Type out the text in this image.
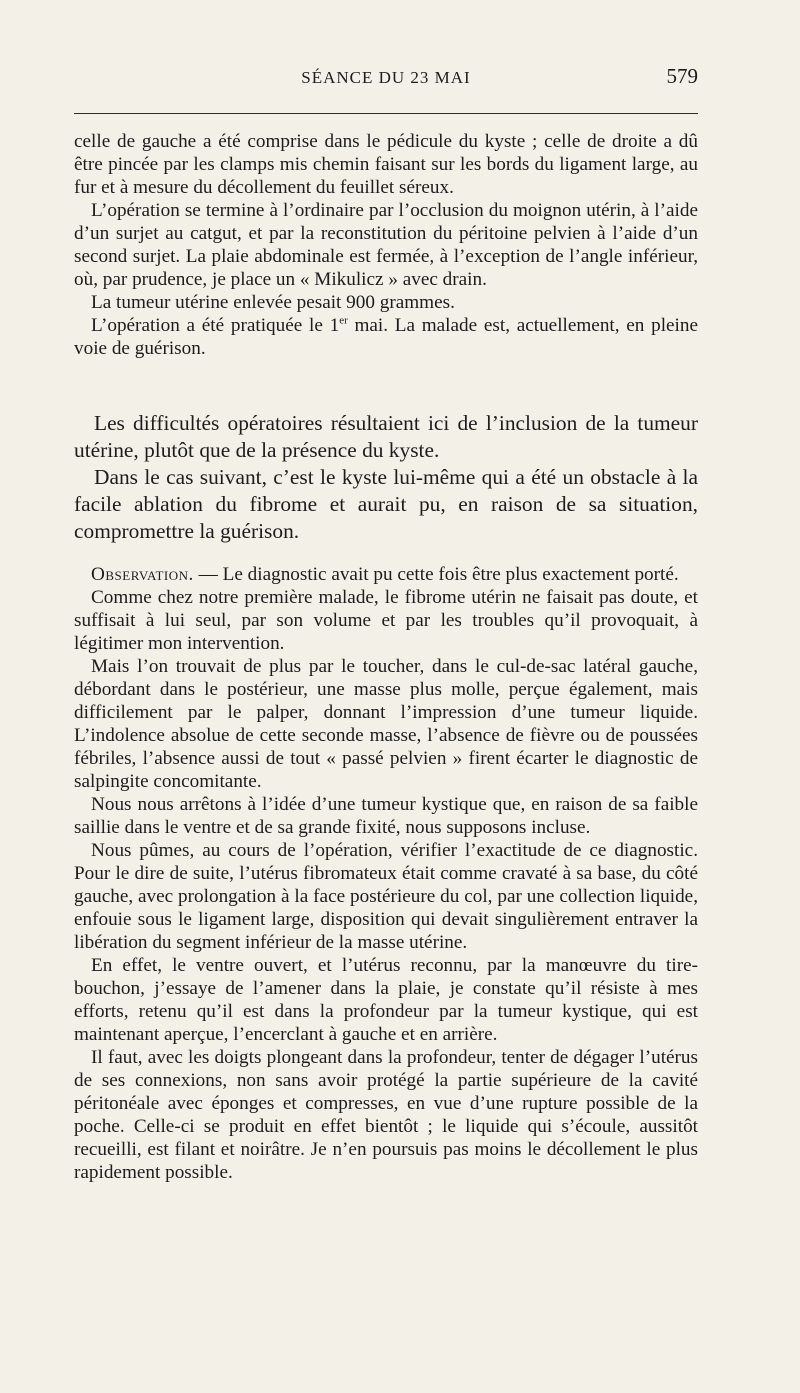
SÉANCE DU 23 MAI	579

celle de gauche a été comprise dans le pédicule du kyste ; celle de droite a dû être pincée par les clamps mis chemin faisant sur les bords du ligament large, au fur et à mesure du décollement du feuillet séreux.

L’opération se termine à l’ordinaire par l’occlusion du moignon utérin, à l’aide d’un surjet au catgut, et par la reconstitution du péritoine pelvien à l’aide d’un second surjet. La plaie abdominale est fermée, à l’exception de l’angle inférieur, où, par prudence, je place un « Mikulicz » avec drain.

La tumeur utérine enlevée pesait 900 grammes.

L’opération a été pratiquée le 1er mai. La malade est, actuellement, en pleine voie de guérison.

Les difficultés opératoires résultaient ici de l’inclusion de la tumeur utérine, plutôt que de la présence du kyste.

Dans le cas suivant, c’est le kyste lui-même qui a été un obstacle à la facile ablation du fibrome et aurait pu, en raison de sa situation, compromettre la guérison.

Observation. — Le diagnostic avait pu cette fois être plus exactement porté.

Comme chez notre première malade, le fibrome utérin ne faisait pas doute, et suffisait à lui seul, par son volume et par les troubles qu’il provoquait, à légitimer mon intervention.

Mais l’on trouvait de plus par le toucher, dans le cul-de-sac latéral gauche, débordant dans le postérieur, une masse plus molle, perçue également, mais difficilement par le palper, donnant l’impression d’une tumeur liquide. L’indolence absolue de cette seconde masse, l’absence de fièvre ou de poussées fébriles, l’absence aussi de tout « passé pelvien » firent écarter le diagnostic de salpingite concomitante.

Nous nous arrêtons à l’idée d’une tumeur kystique que, en raison de sa faible saillie dans le ventre et de sa grande fixité, nous supposons incluse.

Nous pûmes, au cours de l’opération, vérifier l’exactitude de ce diagnostic. Pour le dire de suite, l’utérus fibromateux était comme cravaté à sa base, du côté gauche, avec prolongation à la face postérieure du col, par une collection liquide, enfouie sous le ligament large, disposition qui devait singulièrement entraver la libération du segment inférieur de la masse utérine.

En effet, le ventre ouvert, et l’utérus reconnu, par la manœuvre du tire-bouchon, j’essaye de l’amener dans la plaie, je constate qu’il résiste à mes efforts, retenu qu’il est dans la profondeur par la tumeur kystique, qui est maintenant aperçue, l’encerclant à gauche et en arrière.

Il faut, avec les doigts plongeant dans la profondeur, tenter de dégager l’utérus de ses connexions, non sans avoir protégé la partie supérieure de la cavité péritonéale avec éponges et compresses, en vue d’une rupture possible de la poche. Celle-ci se produit en effet bientôt ; le liquide qui s’écoule, aussitôt recueilli, est filant et noirâtre. Je n’en poursuis pas moins le décollement le plus rapidement possible.
